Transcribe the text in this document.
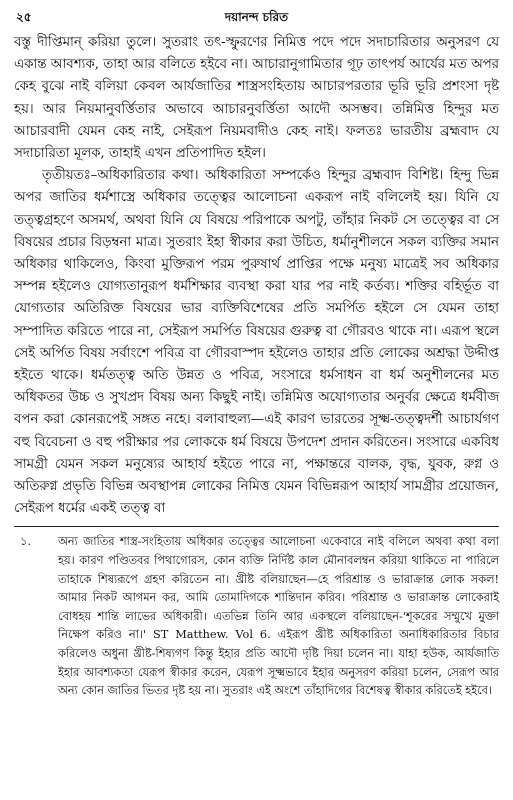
২৫	দয়ানন্দ চরিত

বস্তু দীপ্তিমান্ করিয়া তুলে। সুতরাং তৎ-স্ফুরণের নিমিত্ত পদে পদে সদাচারিতার অনুসরণ যে একান্ত আবশ্যক, তাহা আর বলিতে হইবে না। আচারানুগামিতার গূঢ় তাৎপর্য আর্যের মত অপর কেহ বুঝে নাই বলিয়া কেবল আর্যজাতির শাস্ত্রসংহিতায় আচারপরতার ভূরি ভূরি প্রশংসা দৃষ্ট হয়। আর নিয়মানুবর্ত্তিতার অভাবে আচারনুবর্ত্তিতা আদৌ অসম্ভব। তন্নিমিত্ত হিন্দুর মত আচারবাদী যেমন কেহ নাই, সেইরূপ নিয়মবাদীও কেহ নাই। ফলতঃ ভারতীয় ব্রহ্মবাদ যে সদাচারিতা মূলক, তাহাই এখন প্রতিপাদিত হইল।

তৃতীয়তঃ–অধিকারিতার কথা। অধিকারিতা সম্পর্কেও হিন্দুর ব্রহ্মবাদ বিশিষ্ট। হিন্দু ভিন্ন অপর জাতির ধর্মশাস্ত্রে অধিকার তত্ত্বের আলোচনা একরূপ নাই বলিলেই হয়। যিনি যে তত্ত্বগ্রহণে অসমর্থ, অথবা যিনি যে বিষয়ে পরিপাকে অপটু, তাঁহার নিকট সে তত্ত্বের বা সে বিষয়ের প্রচার বিড়ম্বনা মাত্র। সুতরাং ইহা স্বীকার করা উচিত, ধর্মানুশীলনে সকল ব্যক্তির সমান অধিকার থাকিলেও, কিংবা মুক্তিরূপ পরম পুরুষার্থ প্রাপ্তির পক্ষে মনুষ্য মাত্রেই সব অধিকার সম্পন্ন হইলেও যোগ্যতানুরূপ ধর্মশিক্ষার ব্যবস্থা করা যার পর নাই কর্তব্য। শক্তির বহির্ভূত বা যোগ্যতার অতিরিক্ত বিষয়ের ভার ব্যক্তিবিশেষের প্রতি সমর্পিত হইলে সে যেমন তাহা সম্পাদিত করিতে পারে না, সেইরূপ সমর্পিত বিষয়ের গুরুত্ব বা গৌরবও থাকে না। এরূপ স্থলে সেই অর্পিত বিষয় সর্বাংশে পবিত্র বা গৌরবাস্পদ হইলেও তাহার প্রতি লোকের অশ্রদ্ধা উদ্দীপ্ত হইতে থাকে। ধর্মতত্ত্ব অতি উন্নত ও পবিত্র, সংসারে ধর্মসাধন বা ধর্ম অনুশীলনের মত অধিকতর উচ্চ ও সুখপ্রদ বিষয় অন্য কিছুই নাই। তন্নিমিত্ত অযোগ্যতার অনুর্বর ক্ষেত্রে ধর্মবীজ বপন করা কোনরূপেই সঙ্গত নহে। বলাবাহুল্য—এই কারণ ভারতের সূক্ষ্ম-তত্ত্বদর্শী আচার্যগণ বহু বিবেচনা ও বহু পরীক্ষার পর লোককে ধর্ম বিষয়ে উপদেশ প্রদান করিতেন। সংসারে একবিধ সামগ্রী যেমন সকল মনুষ্যের আহার্য হইতে পারে না, পক্ষান্তরে বালক, বৃদ্ধ, যুবক, রুগ্ন ও অতিরুগ্ন প্রভৃতি বিভিন্ন অবস্থাপন্ন লোকের নিমিত্ত যেমন বিভিন্নরূপ আহার্য সামগ্রীর প্রয়োজন, সেইরূপ ধর্মের একই তত্ত্ব বা

১.	অন্য জাতির শাস্ত্র-সংহিতায় অধিকার তত্ত্বের আলোচনা একেবারে নাই বলিলে অথবা কথা বলা হয়। কারণ পণ্ডিতবর পিথাগোরস, কোন ব্যক্তি নির্দিষ্ট কাল মৌনাবলম্বন করিয়া থাকিতে না পারিলে তাহাকে শিষ্যরূপে গ্রহণ করিতেন না। খ্রীষ্ট বলিয়াছেন—হে পরিশ্রান্ত ও ভারাক্রান্ত লোক সকল! আমার নিকট আগমন কর, আমি তোমাদিগকে শান্তিদান করিব। পরিশ্রান্ত ও ভারাক্রান্ত লোকেরাই বোধহয় শান্তি লাভের অধিকারী। এতভিন্ন তিনি আর একস্থলে বলিয়াছেন-'শূকরের সম্মুখে মুক্তা নিক্ষেপ করিও না।' ST Matthew. Vol 6. এইরূপ খ্রীষ্ট অধিকারিতা অনাধিকারিতার বিচার করিলেও অধুনা খ্রীষ্ট-শিষ্যগণ কিন্তু ইহার প্রতি আদৌ দৃষ্টি দিয়া চলেন না। যাহা হউক, আর্যজাতি ইহার আবশ্যকতা যেরূপ স্বীকার করেন, যেরূপ সূক্ষ্মভাবে ইহার অনুসরণ করিয়া চলেন, সেরূপ আর অন্য কোন জাতির ভিতর দৃষ্ট হয় না। সুতরাং এই অংশে তাঁহাদিগের বিশেষত্ব স্বীকার করিতেই হইবে।
